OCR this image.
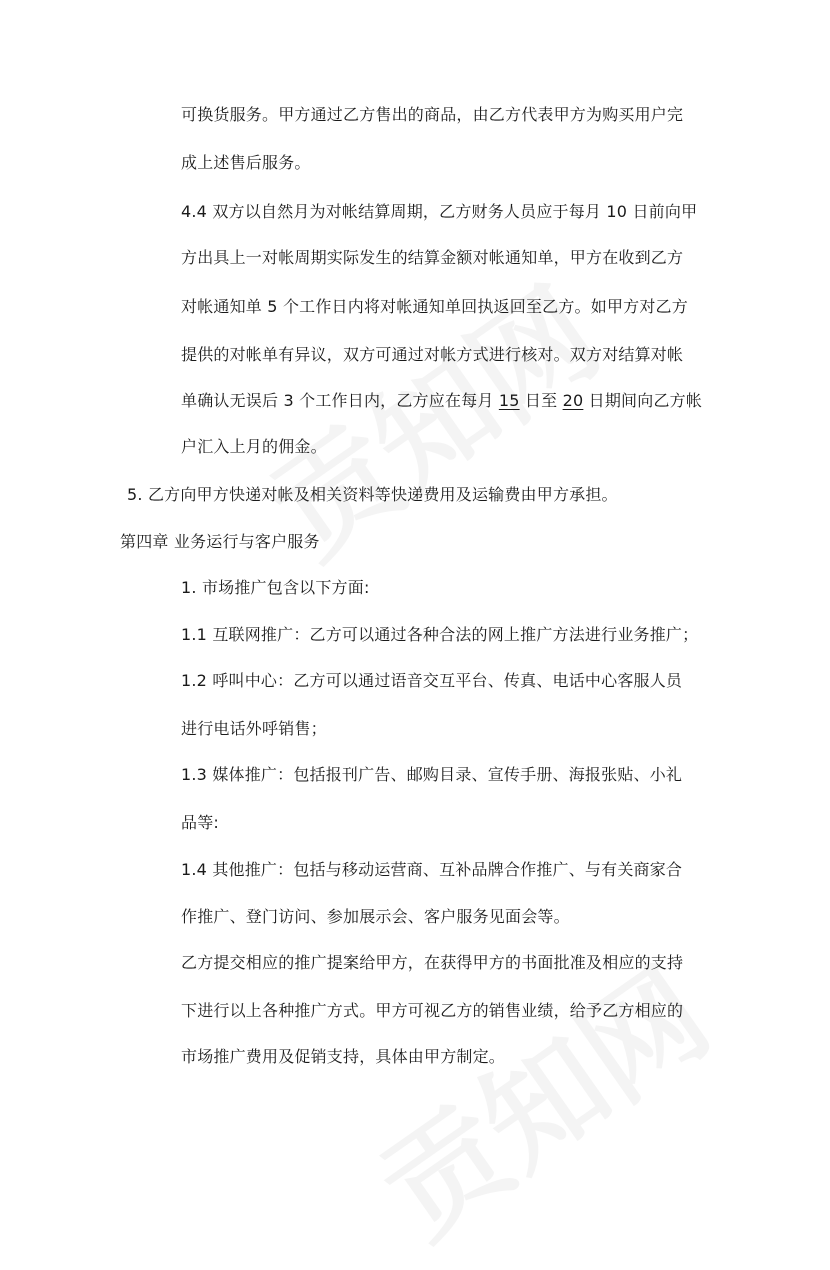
可换货服务。甲方通过乙方售出的商品，由乙方代表甲方为购买用户完
成上述售后服务。
4.4 双方以自然月为对帐结算周期，乙方财务人员应于每月 10 日前向甲
方出具上一对帐周期实际发生的结算金额对帐通知单，甲方在收到乙方
对帐通知单 5 个工作日内将对帐通知单回执返回至乙方。如甲方对乙方
提供的对帐单有异议，双方可通过对帐方式进行核对。双方对结算对帐
单确认无误后 3 个工作日内，乙方应在每月 15 日至 20 日期间向乙方帐
户汇入上月的佣金。
5. 乙方向甲方快递对帐及相关资料等快递费用及运输费由甲方承担。
第四章 业务运行与客户服务
1. 市场推广包含以下方面:
1.1 互联网推广：乙方可以通过各种合法的网上推广方法进行业务推广；
1.2 呼叫中心：乙方可以通过语音交互平台、传真、电话中心客服人员
进行电话外呼销售；
1.3 媒体推广：包括报刊广告、邮购目录、宣传手册、海报张贴、小礼
品等:
1.4 其他推广：包括与移动运营商、互补品牌合作推广、与有关商家合
作推广、登门访问、参加展示会、客户服务见面会等。
乙方提交相应的推广提案给甲方，在获得甲方的书面批准及相应的支持
下进行以上各种推广方式。甲方可视乙方的销售业绩，给予乙方相应的
市场推广费用及促销支持，具体由甲方制定。
